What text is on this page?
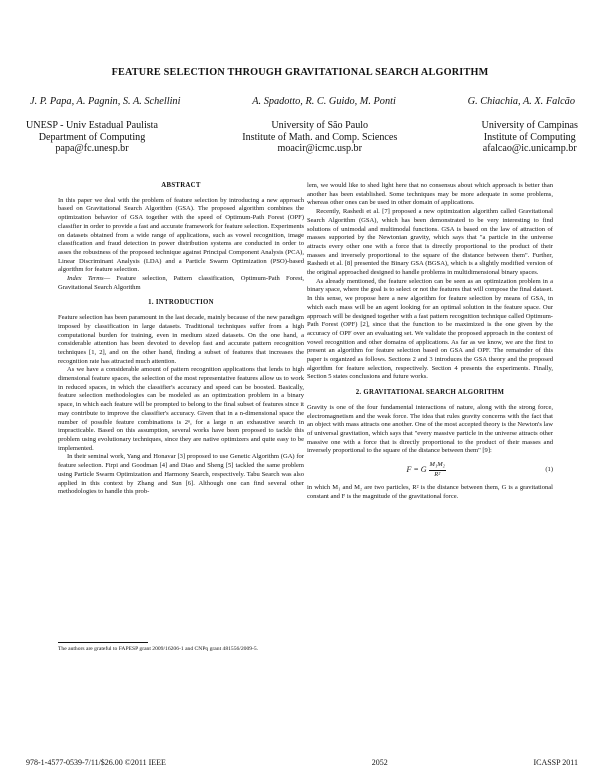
FEATURE SELECTION THROUGH GRAVITATIONAL SEARCH ALGORITHM
J. P. Papa, A. Pagnin, S. A. Schellini	A. Spadotto, R. C. Guido, M. Ponti	G. Chiachia, A. X. Falcão
UNESP - Univ Estadual Paulista
Department of Computing
papa@fc.unesp.br
University of São Paulo
Institute of Math. and Comp. Sciences
moacir@icmc.usp.br
University of Campinas
Institute of Computing
afalcao@ic.unicamp.br
ABSTRACT

In this paper we deal with the problem of feature selection by introducing a new approach based on Gravitational Search Algorithm (GSA). The proposed algorithm combines the optimization behavior of GSA together with the speed of Optimum-Path Forest (OPF) classifier in order to provide a fast and accurate framework for feature selection. Experiments on datasets obtained from a wide range of applications, such as vowel recognition, image classification and fraud detection in power distribution systems are conducted in order to asses the robustness of the proposed technique against Principal Component Analysis (PCA), Linear Discriminant Analysis (LDA) and a Particle Swarm Optimization (PSO)-based algorithm for feature selection.

Index Terms— Feature selection, Pattern classification, Optimum-Path Forest, Gravitational Search Algorithm

1. INTRODUCTION

Feature selection has been paramount in the last decade, mainly because of the new paradigm imposed by classification in large datasets. Traditional techniques suffer from a high computational burden for training, even in medium sized datasets. On the one hand, a considerable attention has been devoted to develop fast and accurate pattern recognition techniques [1, 2], and on the other hand, finding a subset of features that increases the recognition rate has attracted much attention.

As we have a considerable amount of pattern recognition applications that lends to high dimensional feature spaces, the selection of the most representative features allow us to work in reduced spaces, in which the classifier's accuracy and speed can be boosted. Basically, feature selection methodologies can be modeled as an optimization problem in a binary space, in which each feature will be prompted to belong to the final subset of features since it may contribute to improve the classifier's accuracy. Given that in a n-dimensional space the number of possible feature combinations is 2ⁿ, for a large n an exhaustive search in impracticable. Based on this assumption, several works have been proposed to tackle this problem using evolutionary techniques, since they are native optimizers and quite easy to be implemented.

In their seminal work, Yang and Honavar [3] proposed to use Genetic Algorithm (GA) for feature selection. Firpi and Goodman [4] and Diao and Sheng [5] tackled the same problem using Particle Swarm Optimization and Harmony Search, respectively. Tabu Search was also applied in this context by Zhang and Sun [6]. Although one can find several other methodologies to handle this prob-

lem, we would like to shed light here that no consensus about which approach is better than another has been established. Some techniques may be more adequate in some problems, whereas other ones can be used in other domain of applications.

Recently, Rashedi et al. [7] proposed a new optimization algorithm called Gravitational Search Algorithm (GSA), which has been demonstrated to be very interesting to find solutions of unimodal and multimodal functions. GSA is based on the law of attraction of masses supported by the Newtonian gravity, which says that "a particle in the universe attracts every other one with a force that is directly proportional to the product of their masses and inversely proportional to the square of the distance between them". Further, Rashedi et al. [8] presented the Binary GSA (BGSA), which is a slightly modified version of the original approached designed to handle problems in multidimensional binary spaces.

As already mentioned, the feature selection can be seen as an optimization problem in a binary space, where the goal is to select or not the features that will compose the final dataset. In this sense, we propose here a new algorithm for feature selection by means of GSA, in which each mass will be an agent looking for an optimal solution in the feature space. Our approach will be designed together with a fast pattern recognition technique called Optimum-Path Forest (OPF) [2], since that the function to be maximized is the one given by the accuracy of OPF over an evaluating set. We validate the proposed approach in the context of vowel recognition and other domains of applications. As far as we know, we are the first to present an algorithm for feature selection based on GSA and OPF. The remainder of this paper is organized as follows. Sections 2 and 3 introduces the GSA theory and the proposed algorithm for feature selection, respectively. Section 4 presents the experiments. Finally, Section 5 states conclusions and future works.

2. GRAVITATIONAL SEARCH ALGORITHM

Gravity is one of the four fundamental interactions of nature, along with the strong force, electromagnetism and the weak force. The idea that rules gravity concerns with the fact that an object with mass attracts one another. One of the most accepted theory is the Newton's law of universal gravitation, which says that "every massive particle in the universe attracts other massive one with a force that is directly proportional to the product of their masses and inversely proportional to the square of the distance between them" [9]:

F = G $\frac{\text{M₁M₂}}{\text{R²}}$	(1)

in which M₁ and M₂ are two particles, R² is the distance between them, G is a gravitational constant and F is the magnitude of the gravitational force.

The authors are grateful to FAPESP grant 2009/16206-1 and CNPq grant 481556/2009-5.
978-1-4577-0539-7/11/$26.00 ©2011 IEEE	2052	ICASSP 2011
